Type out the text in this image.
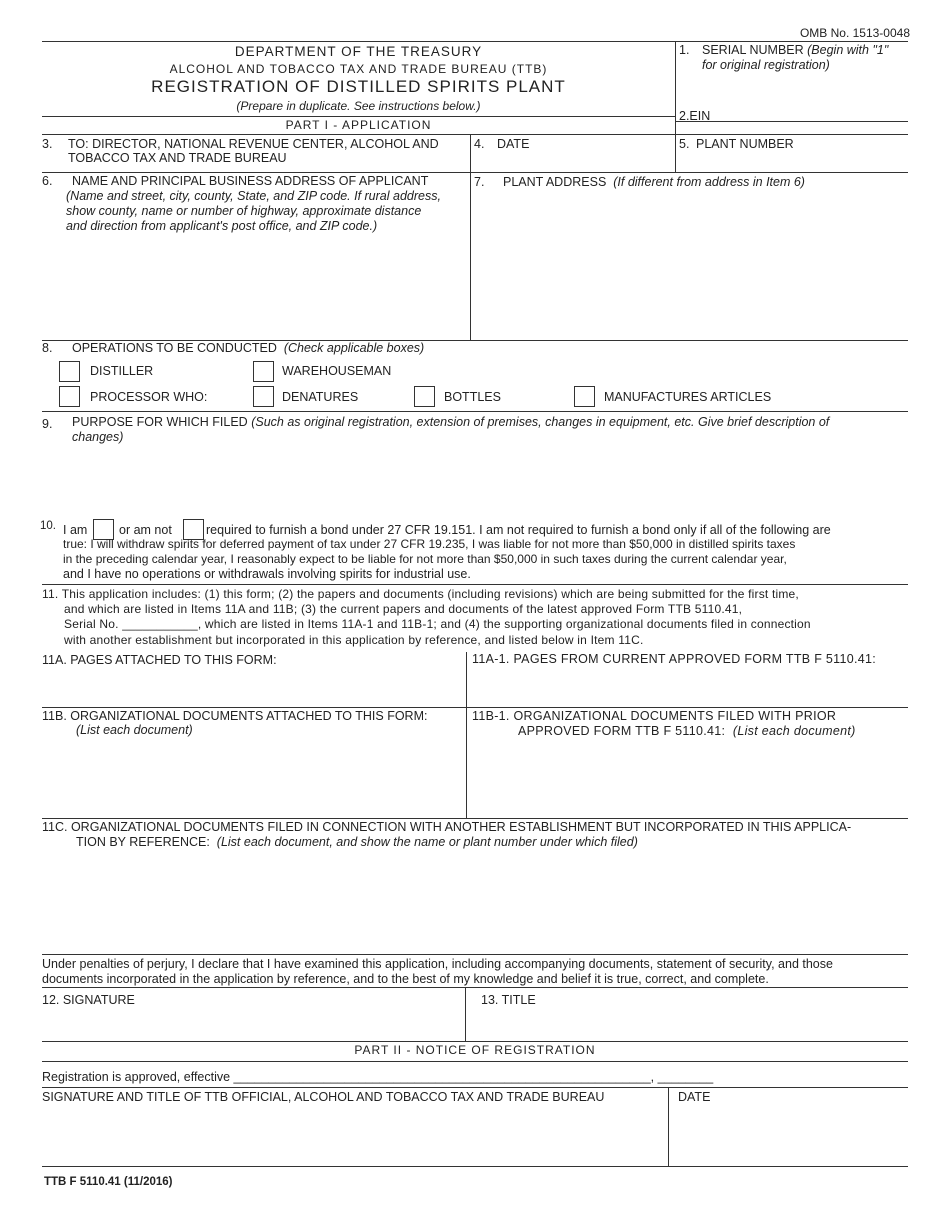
OMB No. 1513-0048
DEPARTMENT OF THE TREASURY
ALCOHOL AND TOBACCO TAX AND TRADE BUREAU (TTB)
REGISTRATION OF DISTILLED SPIRITS PLANT
(Prepare in duplicate. See instructions below.)
PART I - APPLICATION
1. SERIAL NUMBER (Begin with "1"
for original registration)
2.EIN
3. TO: DIRECTOR, NATIONAL REVENUE CENTER, ALCOHOL AND
TOBACCO TAX AND TRADE BUREAU
4. DATE	5. PLANT NUMBER
6. NAME AND PRINCIPAL BUSINESS ADDRESS OF APPLICANT
(Name and street, city, county, State, and ZIP code. If rural address,
show county, name or number of highway, approximate distance
and direction from applicant's post office, and ZIP code.)
7. PLANT ADDRESS (If different from address in Item 6)
8. OPERATIONS TO BE CONDUCTED (Check applicable boxes)
DISTILLER	WAREHOUSEMAN
PROCESSOR WHO:	DENATURES	BOTTLES	MANUFACTURES ARTICLES
9. PURPOSE FOR WHICH FILED (Such as original registration, extension of premises, changes in equipment, etc. Give brief description of
changes)
10. I am	or am not	required to furnish a bond under 27 CFR 19.151. I am not required to furnish a bond only if all of the following are
true: I will withdraw spirits for deferred payment of tax under 27 CFR 19.235, I was liable for not more than $50,000 in distilled spirits taxes
in the preceding calendar year, I reasonably expect to be liable for not more than $50,000 in such taxes during the current calendar year,
and I have no operations or withdrawals involving spirits for industrial use.
11. This application includes: (1) this form; (2) the papers and documents (including revisions) which are being submitted for the first time,
and which are listed in Items 11A and 11B; (3) the current papers and documents of the latest approved Form TTB 5110.41,
Serial No. ___________, which are listed in Items 11A-1 and 11B-1; and (4) the supporting organizational documents filed in connection
with another establishment but incorporated in this application by reference, and listed below in Item 11C.
11A. PAGES ATTACHED TO THIS FORM:	11A-1. PAGES FROM CURRENT APPROVED FORM TTB F 5110.41:
11B. ORGANIZATIONAL DOCUMENTS ATTACHED TO THIS FORM:
(List each document)
11B-1. ORGANIZATIONAL DOCUMENTS FILED WITH PRIOR
APPROVED FORM TTB F 5110.41: (List each document)
11C. ORGANIZATIONAL DOCUMENTS FILED IN CONNECTION WITH ANOTHER ESTABLISHMENT BUT INCORPORATED IN THIS APPLICA-
TION BY REFERENCE: (List each document, and show the name or plant number under which filed)
Under penalties of perjury, I declare that I have examined this application, including accompanying documents, statement of security, and those
documents incorporated in the application by reference, and to the best of my knowledge and belief it is true, correct, and complete.
12. SIGNATURE	13. TITLE
PART II - NOTICE OF REGISTRATION
Registration is approved, effective ____________________________________________________________, ________
SIGNATURE AND TITLE OF TTB OFFICIAL, ALCOHOL AND TOBACCO TAX AND TRADE BUREAU	DATE
TTB F 5110.41 (11/2016)
